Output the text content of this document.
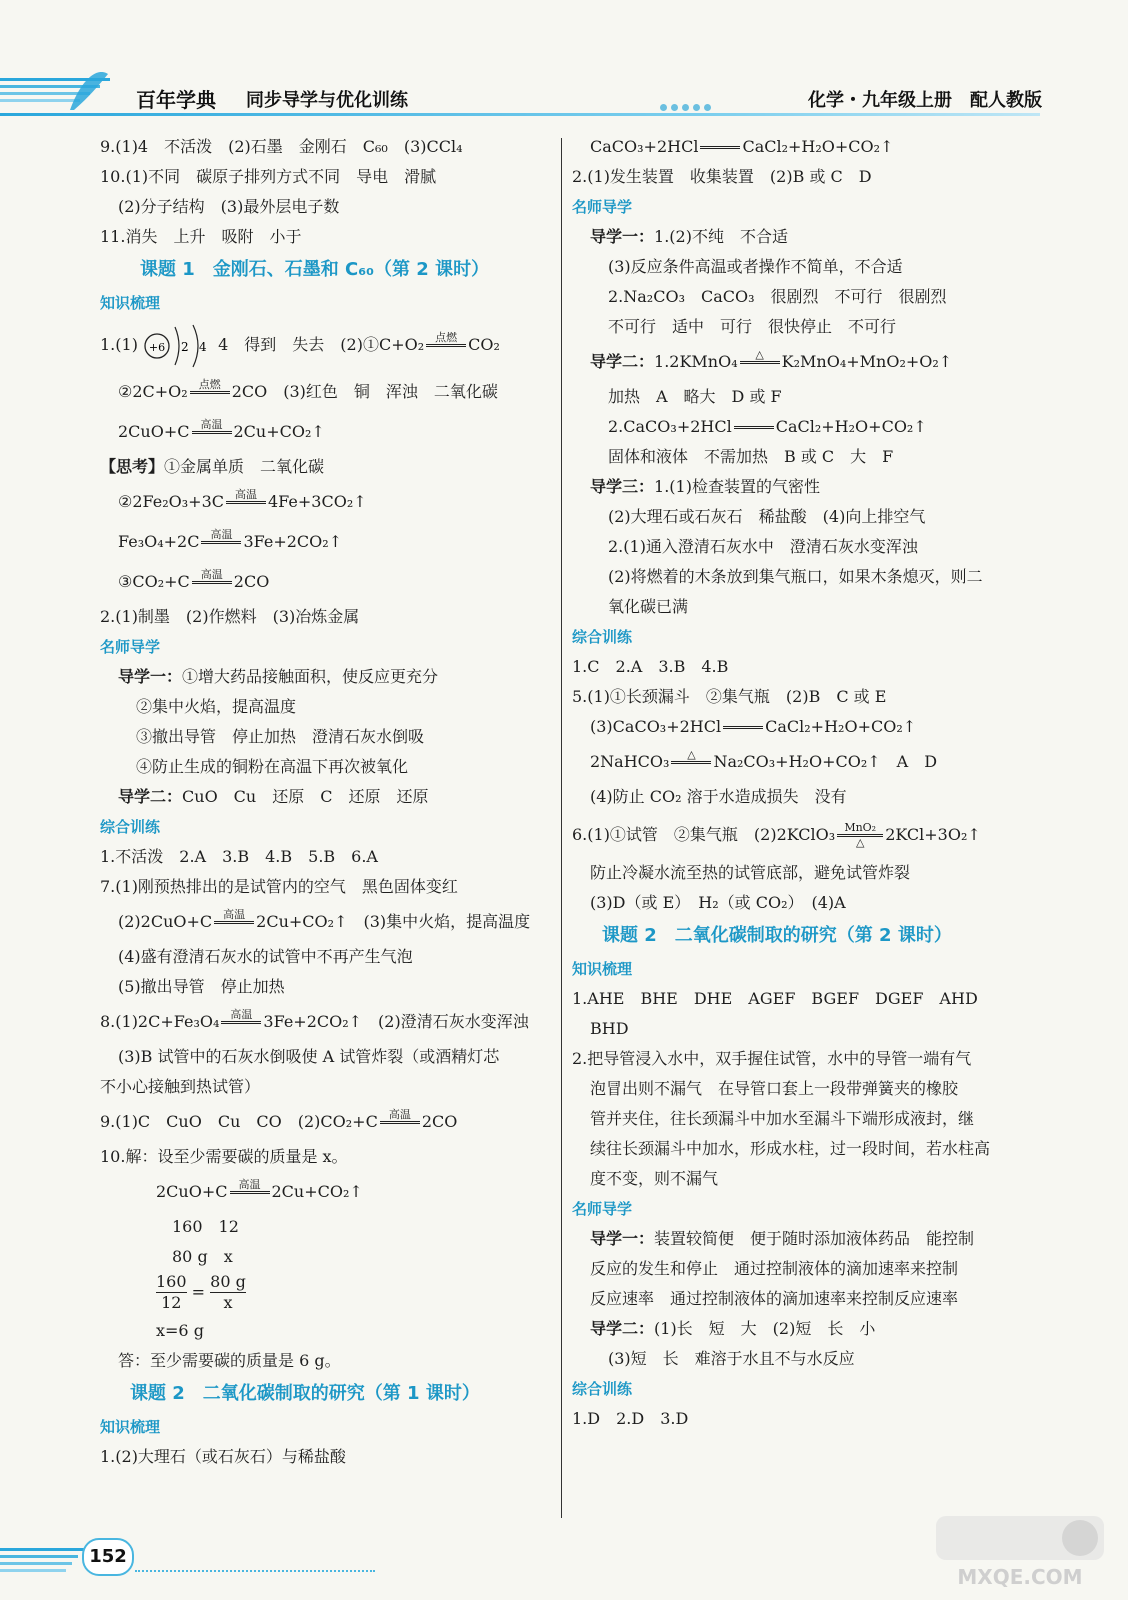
百年学典 同步导学与优化训练	化学・九年级上册　配人教版
9.(1)4　不活泼　(2)石墨　金刚石　C₆₀　(3)CCl₄
10.(1)不同　碳原子排列方式不同　导电　滑腻
(2)分子结构　(3)最外层电子数
11.消失　上升　吸附　小于
课题 1　金刚石、石墨和 C₆₀（第 2 课时）
知识梳理
1.(1) +6 2 4 4　得到　失去　(2)①C+O₂	点燃 CO₂
②2C+O₂	点燃 2CO　(3)红色　铜　浑浊　二氧化碳
2CuO+C	高温 2Cu+CO₂↑
【思考】①金属单质　二氧化碳
②2Fe₂O₃+3C	高温 4Fe+3CO₂↑
Fe₃O₄+2C	高温 3Fe+2CO₂↑
③CO₂+C	高温 2CO
2.(1)制墨　(2)作燃料　(3)冶炼金属
名师导学
导学一：①增大药品接触面积，使反应更充分
②集中火焰，提高温度
③撤出导管　停止加热　澄清石灰水倒吸
④防止生成的铜粉在高温下再次被氧化
导学二：CuO　Cu　还原　C　还原　还原
综合训练
1.不活泼　2.A　3.B　4.B　5.B　6.A
7.(1)刚预热排出的是试管内的空气　黑色固体变红
(2)2CuO+C	高温 2Cu+CO₂↑　(3)集中火焰，提高温度
(4)盛有澄清石灰水的试管中不再产生气泡
(5)撤出导管　停止加热
8.(1)2C+Fe₃O₄	高温 3Fe+2CO₂↑　(2)澄清石灰水变浑浊
(3)B 试管中的石灰水倒吸使 A 试管炸裂（或酒精灯芯
不小心接触到热试管）
9.(1)C　CuO　Cu　CO　(2)CO₂+C	高温 2CO
10.解：设至少需要碳的质量是 x。
2CuO+C	高温 2Cu+CO₂↑
160　12
80 g　x
$\frac{160}{12} = \frac{80 g}{x}$
x=6 g
答：至少需要碳的质量是 6 g。
课题 2　二氧化碳制取的研究（第 1 课时）
知识梳理
1.(2)大理石（或石灰石）与稀盐酸
CaCO₃+2HCl	CaCl₂+H₂O+CO₂↑
2.(1)发生装置　收集装置　(2)B 或 C　D
名师导学
导学一：1.(2)不纯　不合适
(3)反应条件高温或者操作不简单，不合适
2.Na₂CO₃　CaCO₃　很剧烈　不可行　很剧烈
不可行　适中　可行　很快停止　不可行
导学二：1.2KMnO₄	△	K₂MnO₄+MnO₂+O₂↑
加热　A　略大　D 或 F
2.CaCO₃+2HCl	CaCl₂+H₂O+CO₂↑
固体和液体　不需加热　B 或 C　大　F
导学三：1.(1)检查装置的气密性
(2)大理石或石灰石　稀盐酸　(4)向上排空气
2.(1)通入澄清石灰水中　澄清石灰水变浑浊
(2)将燃着的木条放到集气瓶口，如果木条熄灭，则二
氧化碳已满
综合训练
1.C　2.A　3.B　4.B
5.(1)①长颈漏斗　②集气瓶　(2)B　C 或 E
(3)CaCO₃+2HCl	CaCl₂+H₂O+CO₂↑
2NaHCO₃	△	Na₂CO₃+H₂O+CO₂↑　A　D
(4)防止 CO₂ 溶于水造成损失　没有
6.(1)①试管　②集气瓶　(2)2KClO₃ MnO₂
△	2KCl+3O₂↑
防止冷凝水流至热的试管底部，避免试管炸裂
(3)D（或 E）　H₂（或 CO₂）　(4)A
课题 2　二氧化碳制取的研究（第 2 课时）
知识梳理
1.AHE　BHE　DHE　AGEF　BGEF　DGEF　AHD
BHD
2.把导管浸入水中，双手握住试管，水中的导管一端有气
泡冒出则不漏气　在导管口套上一段带弹簧夹的橡胶
管并夹住，往长颈漏斗中加水至漏斗下端形成液封，继
续往长颈漏斗中加水，形成水柱，过一段时间，若水柱高
度不变，则不漏气
名师导学
导学一：装置较简便　便于随时添加液体药品　能控制
反应的发生和停止　通过控制液体的滴加速率来控制
反应速率　通过控制液体的滴加速率来控制反应速率
导学二：(1)长　短　大　(2)短　长　小
(3)短　长　难溶于水且不与水反应
综合训练
1.D　2.D　3.D
152
MXQE.COM
